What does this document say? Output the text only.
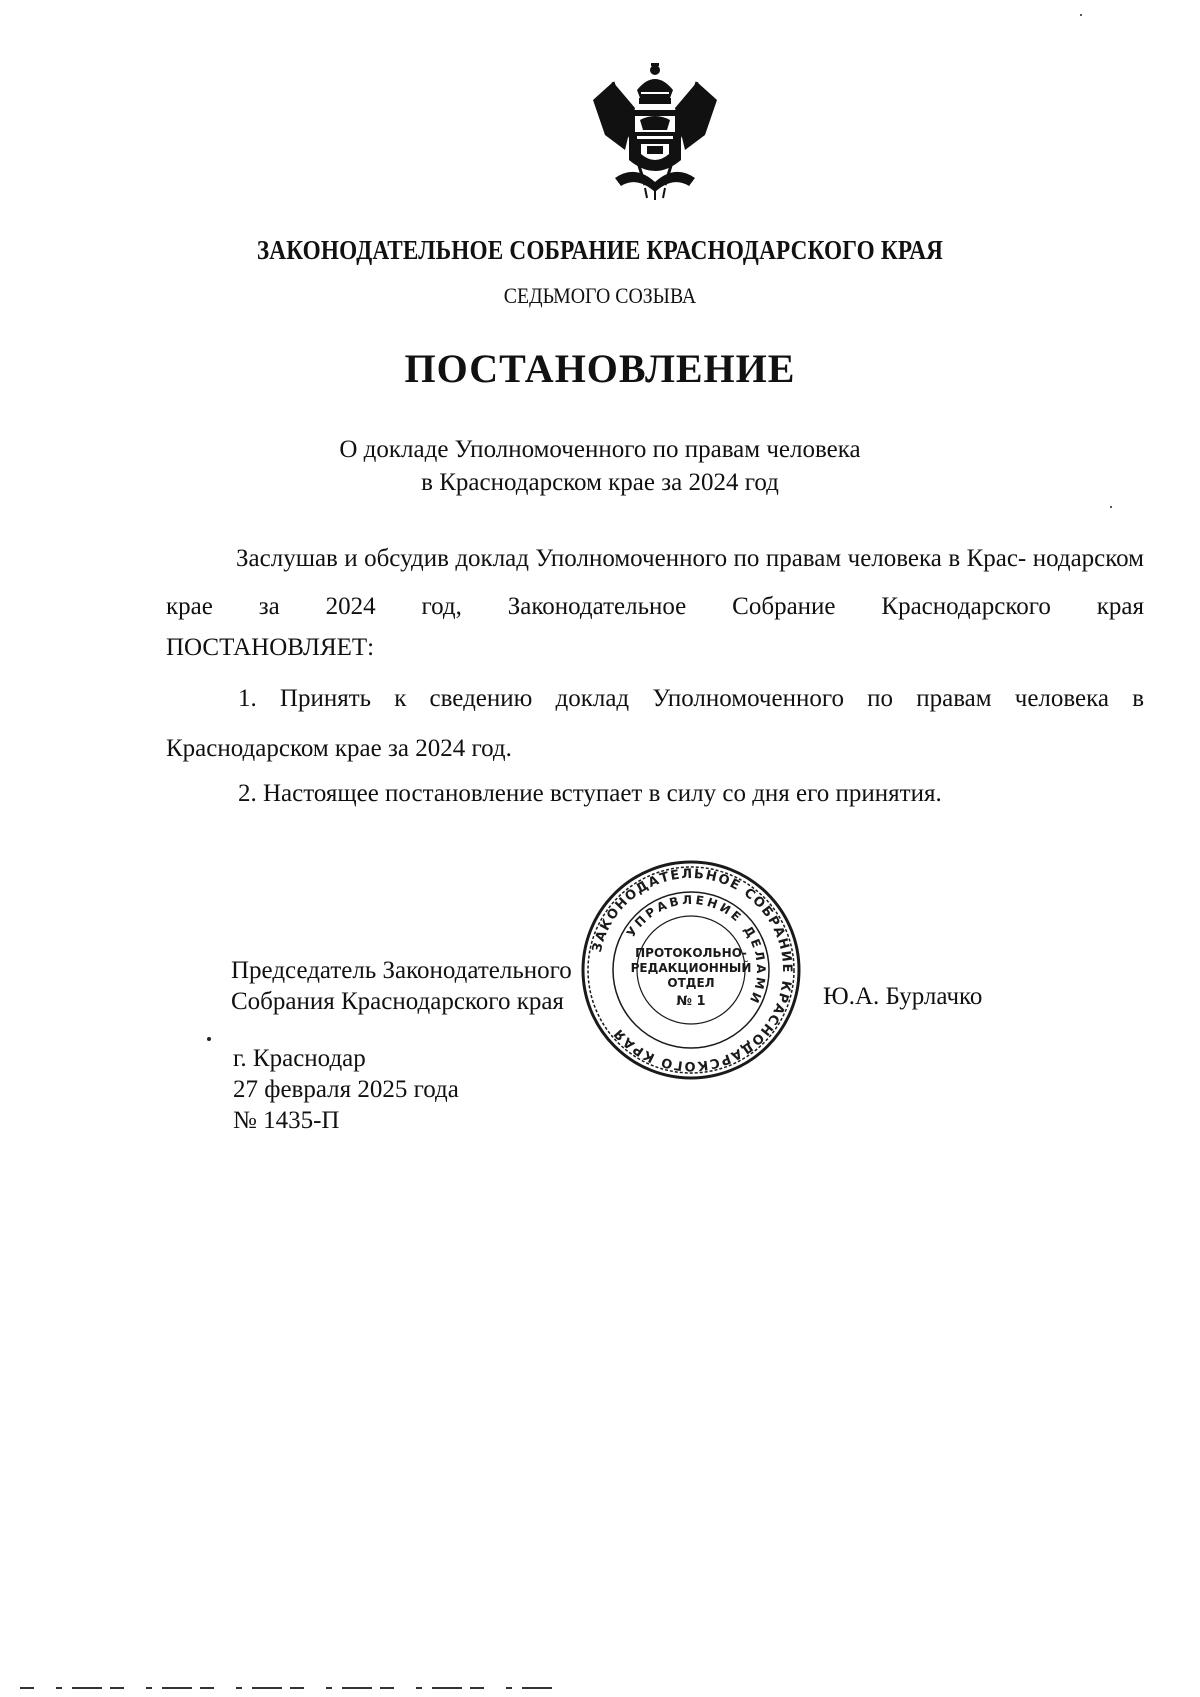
ЗАКОНОДАТЕЛЬНОЕ СОБРАНИЕ КРАСНОДАРСКОГО КРАЯ
СЕДЬМОГО СОЗЫВА
ПОСТАНОВЛЕНИЕ
О докладе Уполномоченного по правам человека
в Краснодарском крае за 2024 год
Заслушав и обсудив доклад Уполномоченного по правам человека в Крас- нодарском крае за 2024 год, Законодательное Собрание Краснодарского края
ПОСТАНОВЛЯЕТ:
1. Принять к сведению доклад Уполномоченного по правам человека в
Краснодарском крае за 2024 год.
2. Настоящее постановление вступает в силу со дня его принятия.
ЗАКОНОДАТЕЛЬНОЕ СОБРАНИЕ КРАСНОДАРСКОГО КРАЯ
УПРАВЛЕНИЕ ДЕЛАМИ
ПРОТОКОЛЬНО-
РЕДАКЦИОННЫЙ
ОТДЕЛ
№ 1
Председатель Законодательного
Собрания Краснодарского края	Ю.А. Бурлачко
г. Краснодар
27 февраля 2025 года
№ 1435-П
